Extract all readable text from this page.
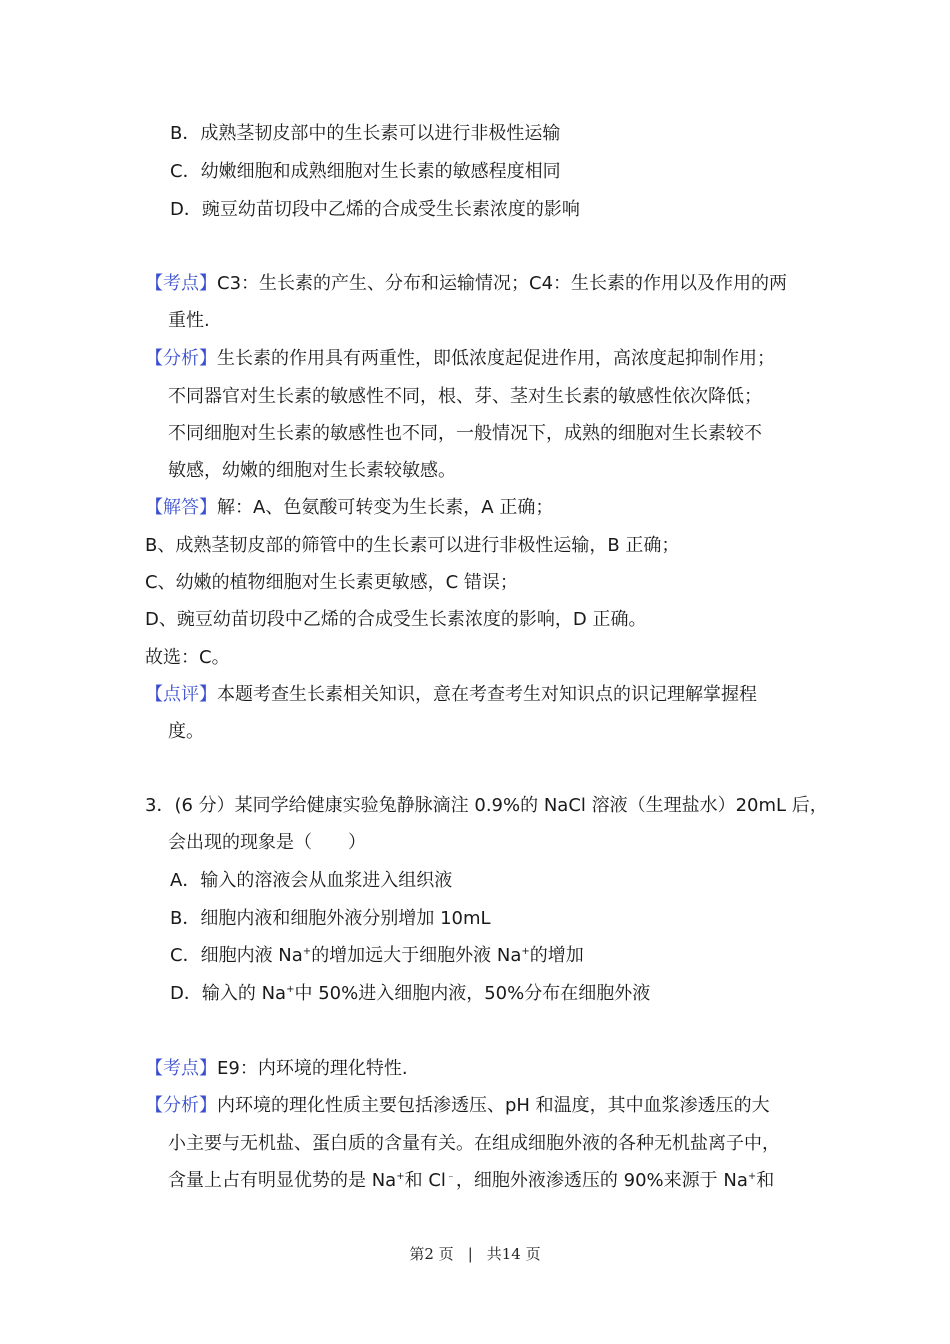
B．成熟茎韧皮部中的生长素可以进行非极性运输
C．幼嫩细胞和成熟细胞对生长素的敏感程度相同
D．豌豆幼苗切段中乙烯的合成受生长素浓度的影响
【考点】C3：生长素的产生、分布和运输情况；C4：生长素的作用以及作用的两
重性.
【分析】生长素的作用具有两重性，即低浓度起促进作用，高浓度起抑制作用；
不同器官对生长素的敏感性不同，根、芽、茎对生长素的敏感性依次降低；
不同细胞对生长素的敏感性也不同，一般情况下，成熟的细胞对生长素较不
敏感，幼嫩的细胞对生长素较敏感。
【解答】解：A、色氨酸可转变为生长素，A 正确；
B、成熟茎韧皮部的筛管中的生长素可以进行非极性运输，B 正确；
C、幼嫩的植物细胞对生长素更敏感，C 错误；
D、豌豆幼苗切段中乙烯的合成受生长素浓度的影响，D 正确。
故选：C。
【点评】本题考查生长素相关知识，意在考查考生对知识点的识记理解掌握程
度。
3．(6 分）某同学给健康实验兔静脉滴注 0.9%的 NaCl 溶液（生理盐水）20mL 后，
会出现的现象是（　　）
A．输入的溶液会从血浆进入组织液
B．细胞内液和细胞外液分别增加 10mL
C．细胞内液 Na+的增加远大于细胞外液 Na+的增加
D．输入的 Na+中 50%进入细胞内液，50%分布在细胞外液
【考点】E9：内环境的理化特性.
【分析】内环境的理化性质主要包括渗透压、pH 和温度，其中血浆渗透压的大
小主要与无机盐、蛋白质的含量有关。在组成细胞外液的各种无机盐离子中，
含量上占有明显优势的是 Na+和 Cl﹣，细胞外液渗透压的 90%来源于 Na+和
第2 页 | 共14 页
